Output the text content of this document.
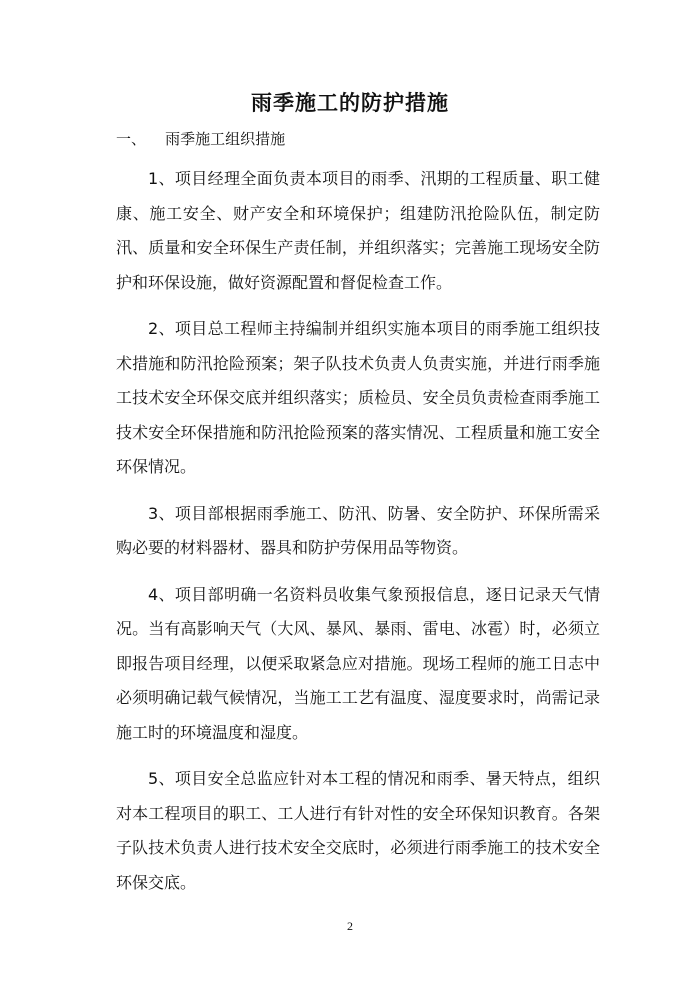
雨季施工的防护措施
一、    雨季施工组织措施

1、项目经理全面负责本项目的雨季、汛期的工程质量、职工健康、施工安全、财产安全和环境保护；组建防汛抢险队伍，制定防汛、质量和安全环保生产责任制，并组织落实；完善施工现场安全防护和环保设施，做好资源配置和督促检查工作。

2、项目总工程师主持编制并组织实施本项目的雨季施工组织技术措施和防汛抢险预案；架子队技术负责人负责实施，并进行雨季施工技术安全环保交底并组织落实；质检员、安全员负责检查雨季施工技术安全环保措施和防汛抢险预案的落实情况、工程质量和施工安全环保情况。

3、项目部根据雨季施工、防汛、防暑、安全防护、环保所需采购必要的材料器材、器具和防护劳保用品等物资。

4、项目部明确一名资料员收集气象预报信息，逐日记录天气情况。当有高影响天气（大风、暴风、暴雨、雷电、冰雹）时，必须立即报告项目经理，以便采取紧急应对措施。现场工程师的施工日志中必须明确记载气候情况，当施工工艺有温度、湿度要求时，尚需记录施工时的环境温度和湿度。

5、项目安全总监应针对本工程的情况和雨季、暑天特点，组织对本工程项目的职工、工人进行有针对性的安全环保知识教育。各架子队技术负责人进行技术安全交底时，必须进行雨季施工的技术安全环保交底。

2
